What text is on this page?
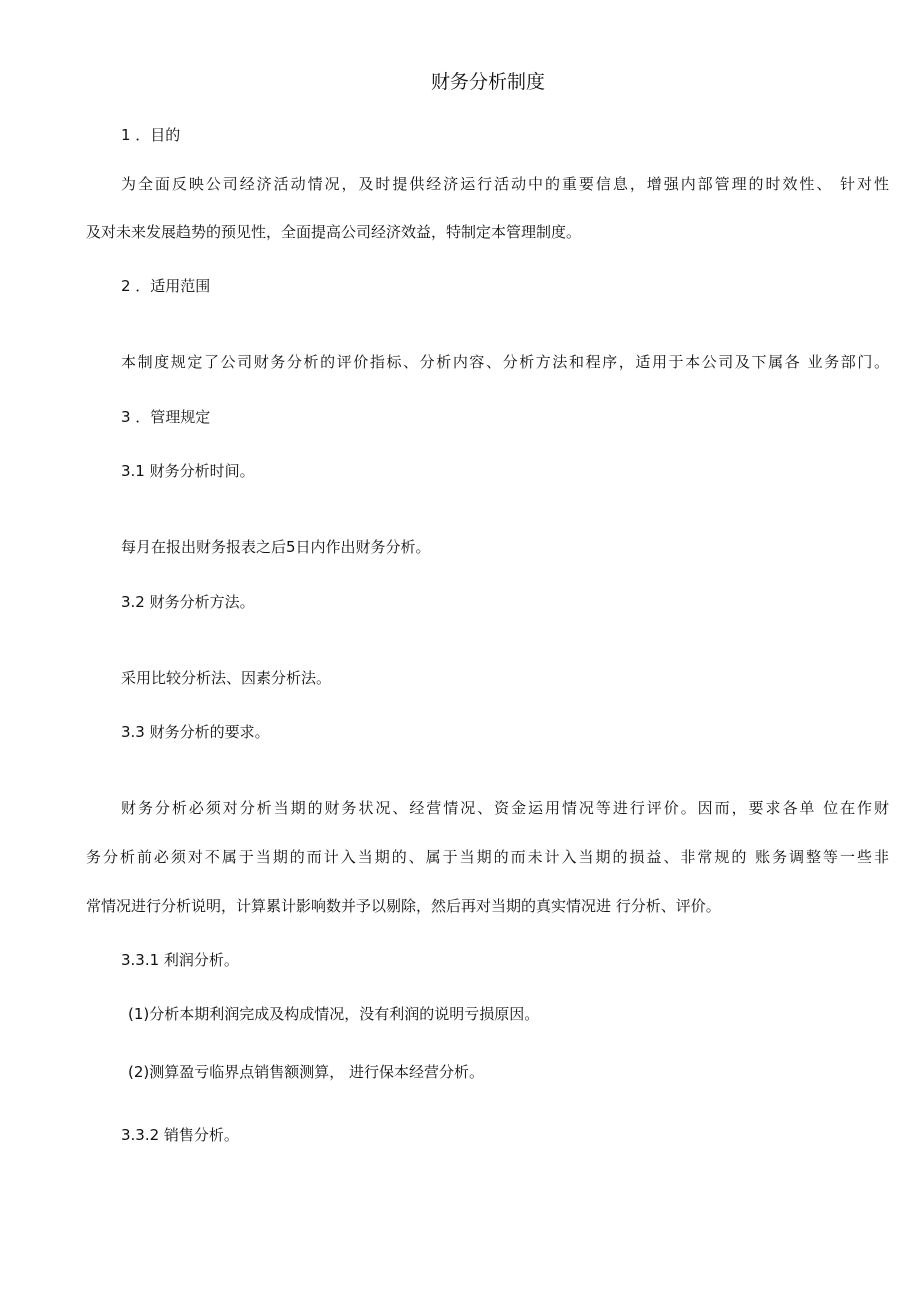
财务分析制度
1 ．目的
为全面反映公司经济活动情况，及时提供经济运行活动中的重要信息，增强内部管理的时效性、 针对性
及对未来发展趋势的预见性，全面提高公司经济效益，特制定本管理制度。
2 ．适用范围
本制度规定了公司财务分析的评价指标、分析内容、分析方法和程序，适用于本公司及下属各 业务部门。
3 ．管理规定
3.1 财务分析时间。
每月在报出财务报表之后5日内作出财务分析。
3.2 财务分析方法。
采用比较分析法、因素分析法。
3.3 财务分析的要求。
财务分析必须对分析当期的财务状况、经营情况、资金运用情况等进行评价。因而，要求各单 位在作财
务分析前必须对不属于当期的而计入当期的、属于当期的而未计入当期的损益、非常规的 账务调整等一些非
常情况进行分析说明，计算累计影响数并予以剔除，然后再对当期的真实情况进 行分析、评价。
3.3.1 利润分析。
(1)分析本期利润完成及构成情况，没有利润的说明亏损原因。
(2)测算盈亏临界点销售额测算， 进行保本经营分析。
3.3.2 销售分析。
